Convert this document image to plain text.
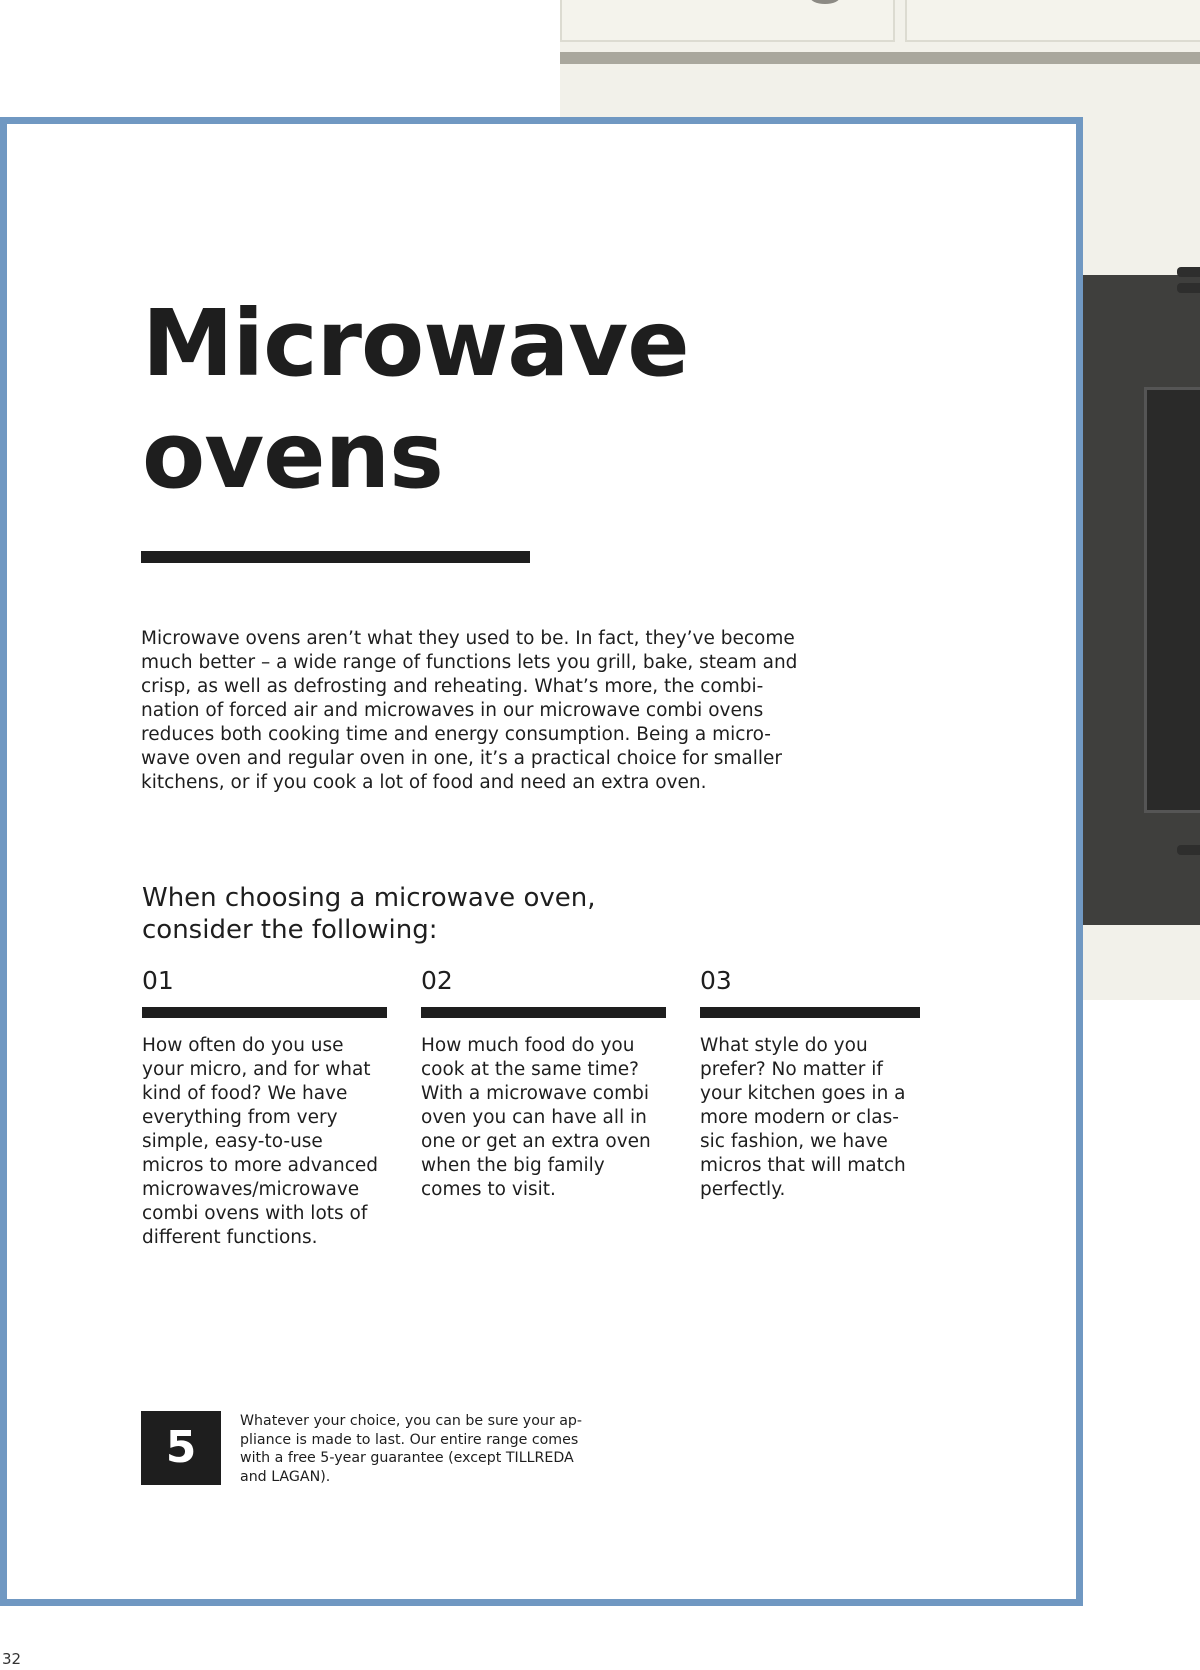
Microwave
ovens

Microwave ovens aren’t what they used to be. In fact, they’ve become much better – a wide range of functions lets you grill, bake, steam and crisp, as well as defrosting and reheating. What’s more, the combi-nation of forced air and microwaves in our microwave combi ovens reduces both cooking time and energy consumption. Being a micro-wave oven and regular oven in one, it’s a practical choice for smaller kitchens, or if you cook a lot of food and need an extra oven.

When choosing a microwave oven,
consider the following:

01

How often do you use your micro, and for what kind of food? We have everything from very simple, easy-to-use micros to more advanced microwaves/microwave combi ovens with lots of different functions.

02

How much food do you cook at the same time? With a microwave combi oven you can have all in one or get an extra oven when the big family comes to visit.

03

What style do you prefer? No matter if your kitchen goes in a more modern or clas-sic fashion, we have micros that will match perfectly.

5

Whatever your choice, you can be sure your ap-pliance is made to last. Our entire range comes with a free 5-year guarantee (except TILLREDA and LAGAN).

32
